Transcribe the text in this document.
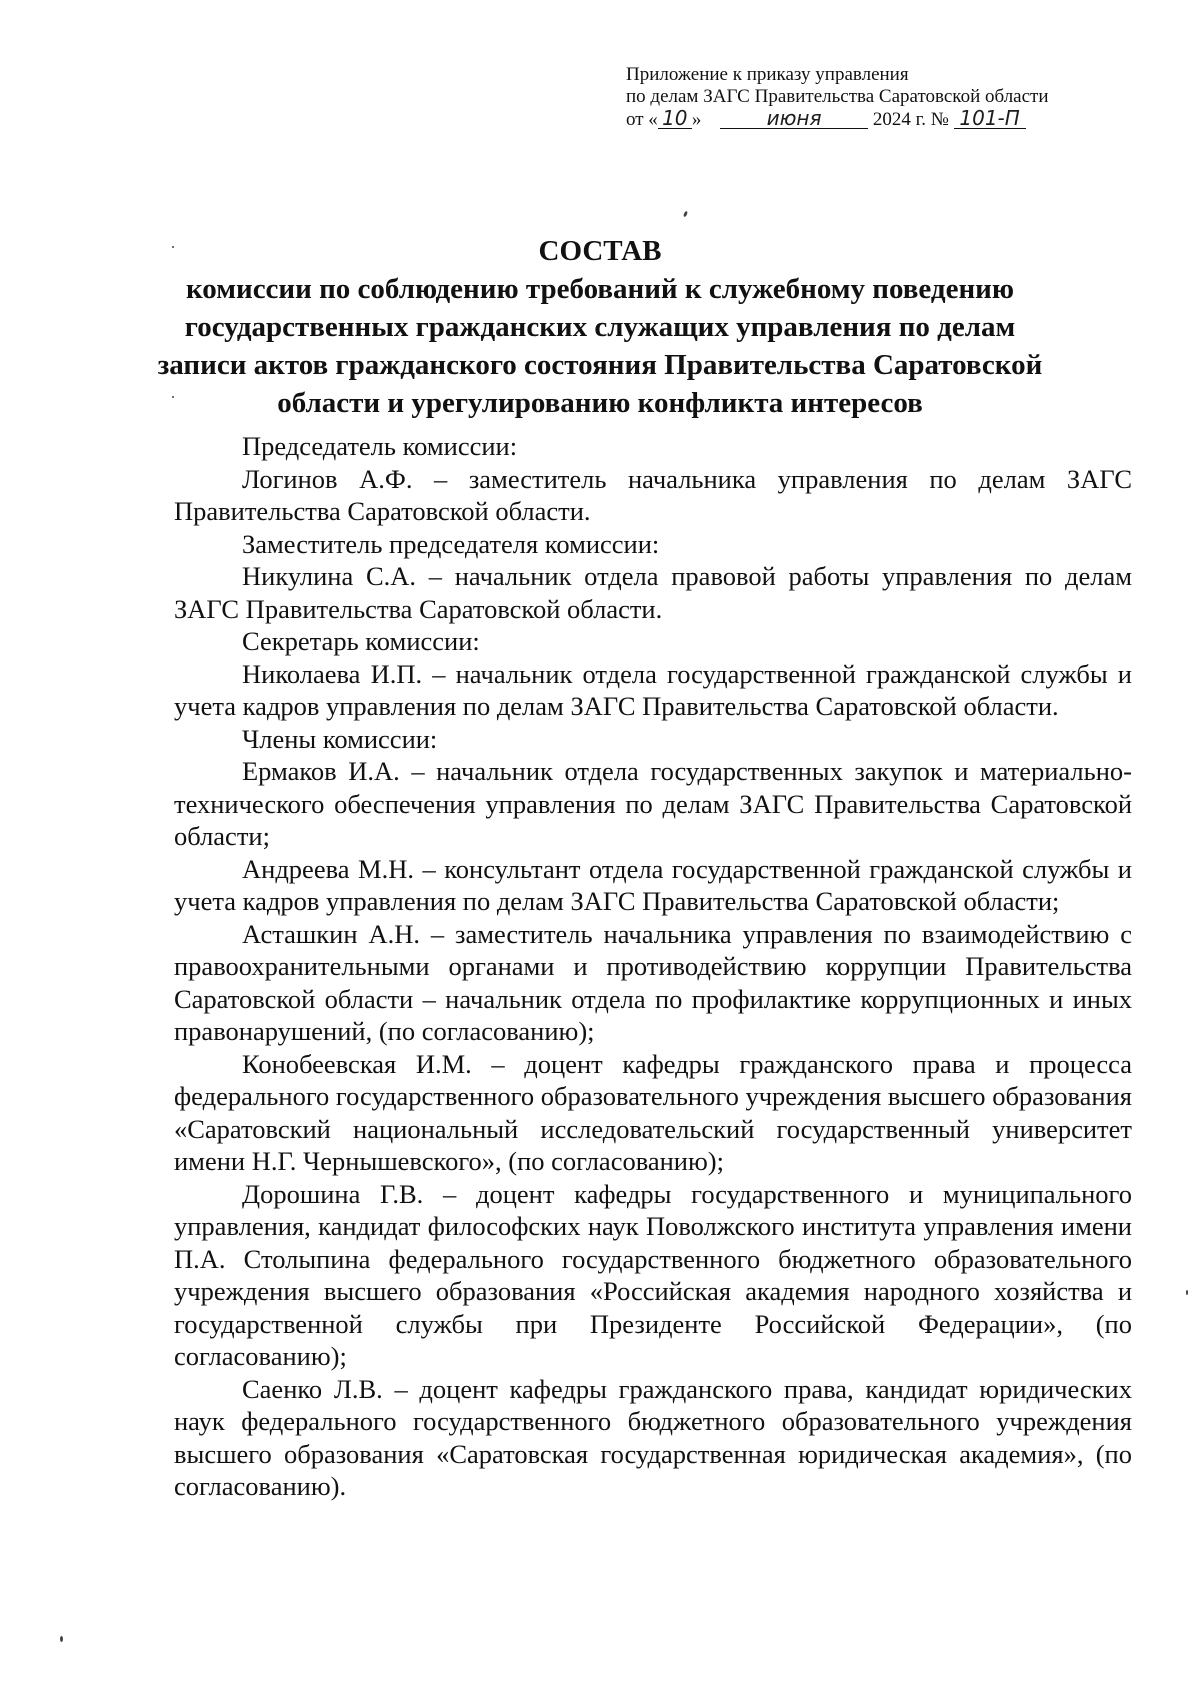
Приложение к приказу управления
по делам ЗАГС Правительства Саратовской области
от « 10 »	июня	2024 г. № 101-П
СОСТАВ
комиссии по соблюдению требований к служебному поведению
государственных гражданских служащих управления по делам
записи актов гражданского состояния Правительства Саратовской
области и урегулированию конфликта интересов

Председатель комиссии:

Логинов А.Ф. – заместитель начальника управления по делам ЗАГС Правительства Саратовской области.

Заместитель председателя комиссии:

Никулина С.А. – начальник отдела правовой работы управления по делам ЗАГС Правительства Саратовской области.

Секретарь комиссии:

Николаева И.П. – начальник отдела государственной гражданской службы и учета кадров управления по делам ЗАГС Правительства Саратовской области.

Члены комиссии:

Ермаков И.А. – начальник отдела государственных закупок и материально-технического обеспечения управления по делам ЗАГС Правительства Саратовской области;

Андреева М.Н. – консультант отдела государственной гражданской службы и учета кадров управления по делам ЗАГС Правительства Саратовской области;

Асташкин А.Н. – заместитель начальника управления по взаимодействию с правоохранительными органами и противодействию коррупции Правительства Саратовской области – начальник отдела по профилактике коррупционных и иных правонарушений, (по согласованию);

Конобеевская И.М. – доцент кафедры гражданского права и процесса федерального государственного образовательного учреждения высшего образования «Саратовский национальный исследовательский государственный университет имени Н.Г. Чернышевского», (по согласованию);

Дорошина Г.В. – доцент кафедры государственного и муниципального управления, кандидат философских наук Поволжского института управления имени П.А. Столыпина федерального государственного бюджетного образовательного учреждения высшего образования «Российская академия народного хозяйства и государственной службы при Президенте Российской Федерации», (по согласованию);

Саенко Л.В. – доцент кафедры гражданского права, кандидат юридических наук федерального государственного бюджетного образовательного учреждения высшего образования «Саратовская государственная юридическая академия», (по согласованию).
